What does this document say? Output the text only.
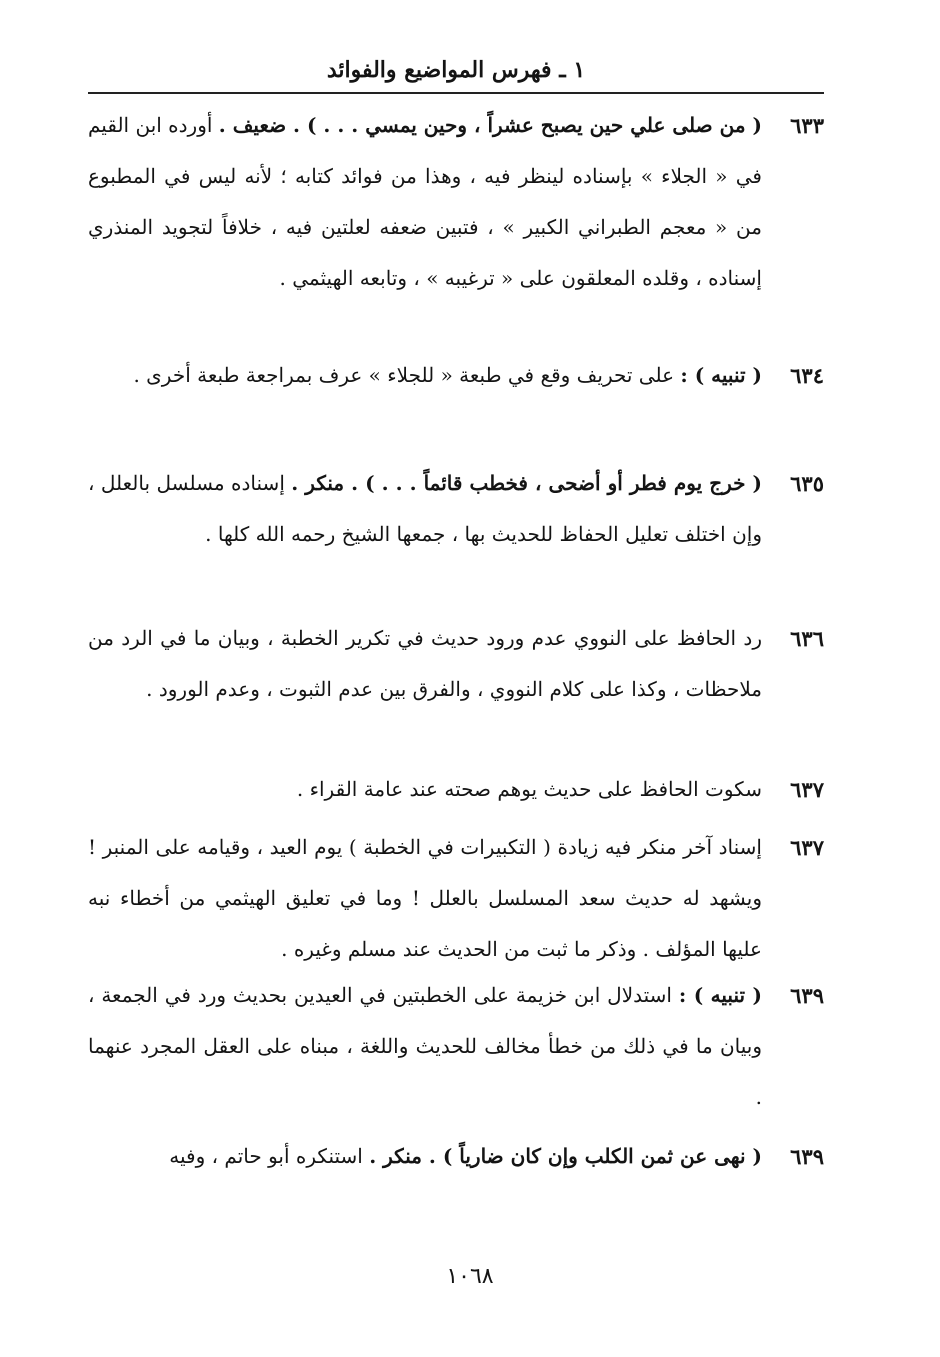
١ ـ فهرس المواضيع والفوائد
٦٣٣
( من صلى علي حين يصبح عشراً ، وحين يمسي . . . ) . ضعيف . أورده ابن القيم في « الجلاء » بإسناده لينظر فيه ، وهذا من فوائد كتابه ؛ لأنه ليس في المطبوع من « معجم الطبراني الكبير » ، فتبين ضعفه لعلتين فيه ، خلافاً لتجويد المنذري إسناده ، وقلده المعلقون على « ترغيبه » ، وتابعه الهيثمي .
٦٣٤
( تنبيه ) : على تحريف وقع في طبعة « للجلاء » عرف بمراجعة طبعة أخرى .
٦٣٥
( خرج يوم فطر أو أضحى ، فخطب قائماً . . . ) . منكر . إسناده مسلسل بالعلل ، وإن اختلف تعليل الحفاظ للحديث بها ، جمعها الشيخ رحمه الله كلها .
٦٣٦
رد الحافظ على النووي عدم ورود حديث في تكرير الخطبة ، وبيان ما في الرد من ملاحظات ، وكذا على كلام النووي ، والفرق بين عدم الثبوت ، وعدم الورود .
٦٣٧
سكوت الحافظ على حديث يوهم صحته عند عامة القراء .
٦٣٧
إسناد آخر منكر فيه زيادة ( التكبيرات في الخطبة ) يوم العيد ، وقيامه على المنبر ! ويشهد له حديث سعد المسلسل بالعلل ! وما في تعليق الهيثمي من أخطاء نبه عليها المؤلف . وذكر ما ثبت من الحديث عند مسلم وغيره .
٦٣٩
( تنبيه ) : استدلال ابن خزيمة على الخطبتين في العيدين بحديث ورد في الجمعة ، وبيان ما في ذلك من خطأ مخالف للحديث واللغة ، مبناه على العقل المجرد عنهما .
٦٣٩
( نهى عن ثمن الكلب وإن كان ضارياً ) . منكر . استنكره أبو حاتم ، وفيه
١٠٦٨
